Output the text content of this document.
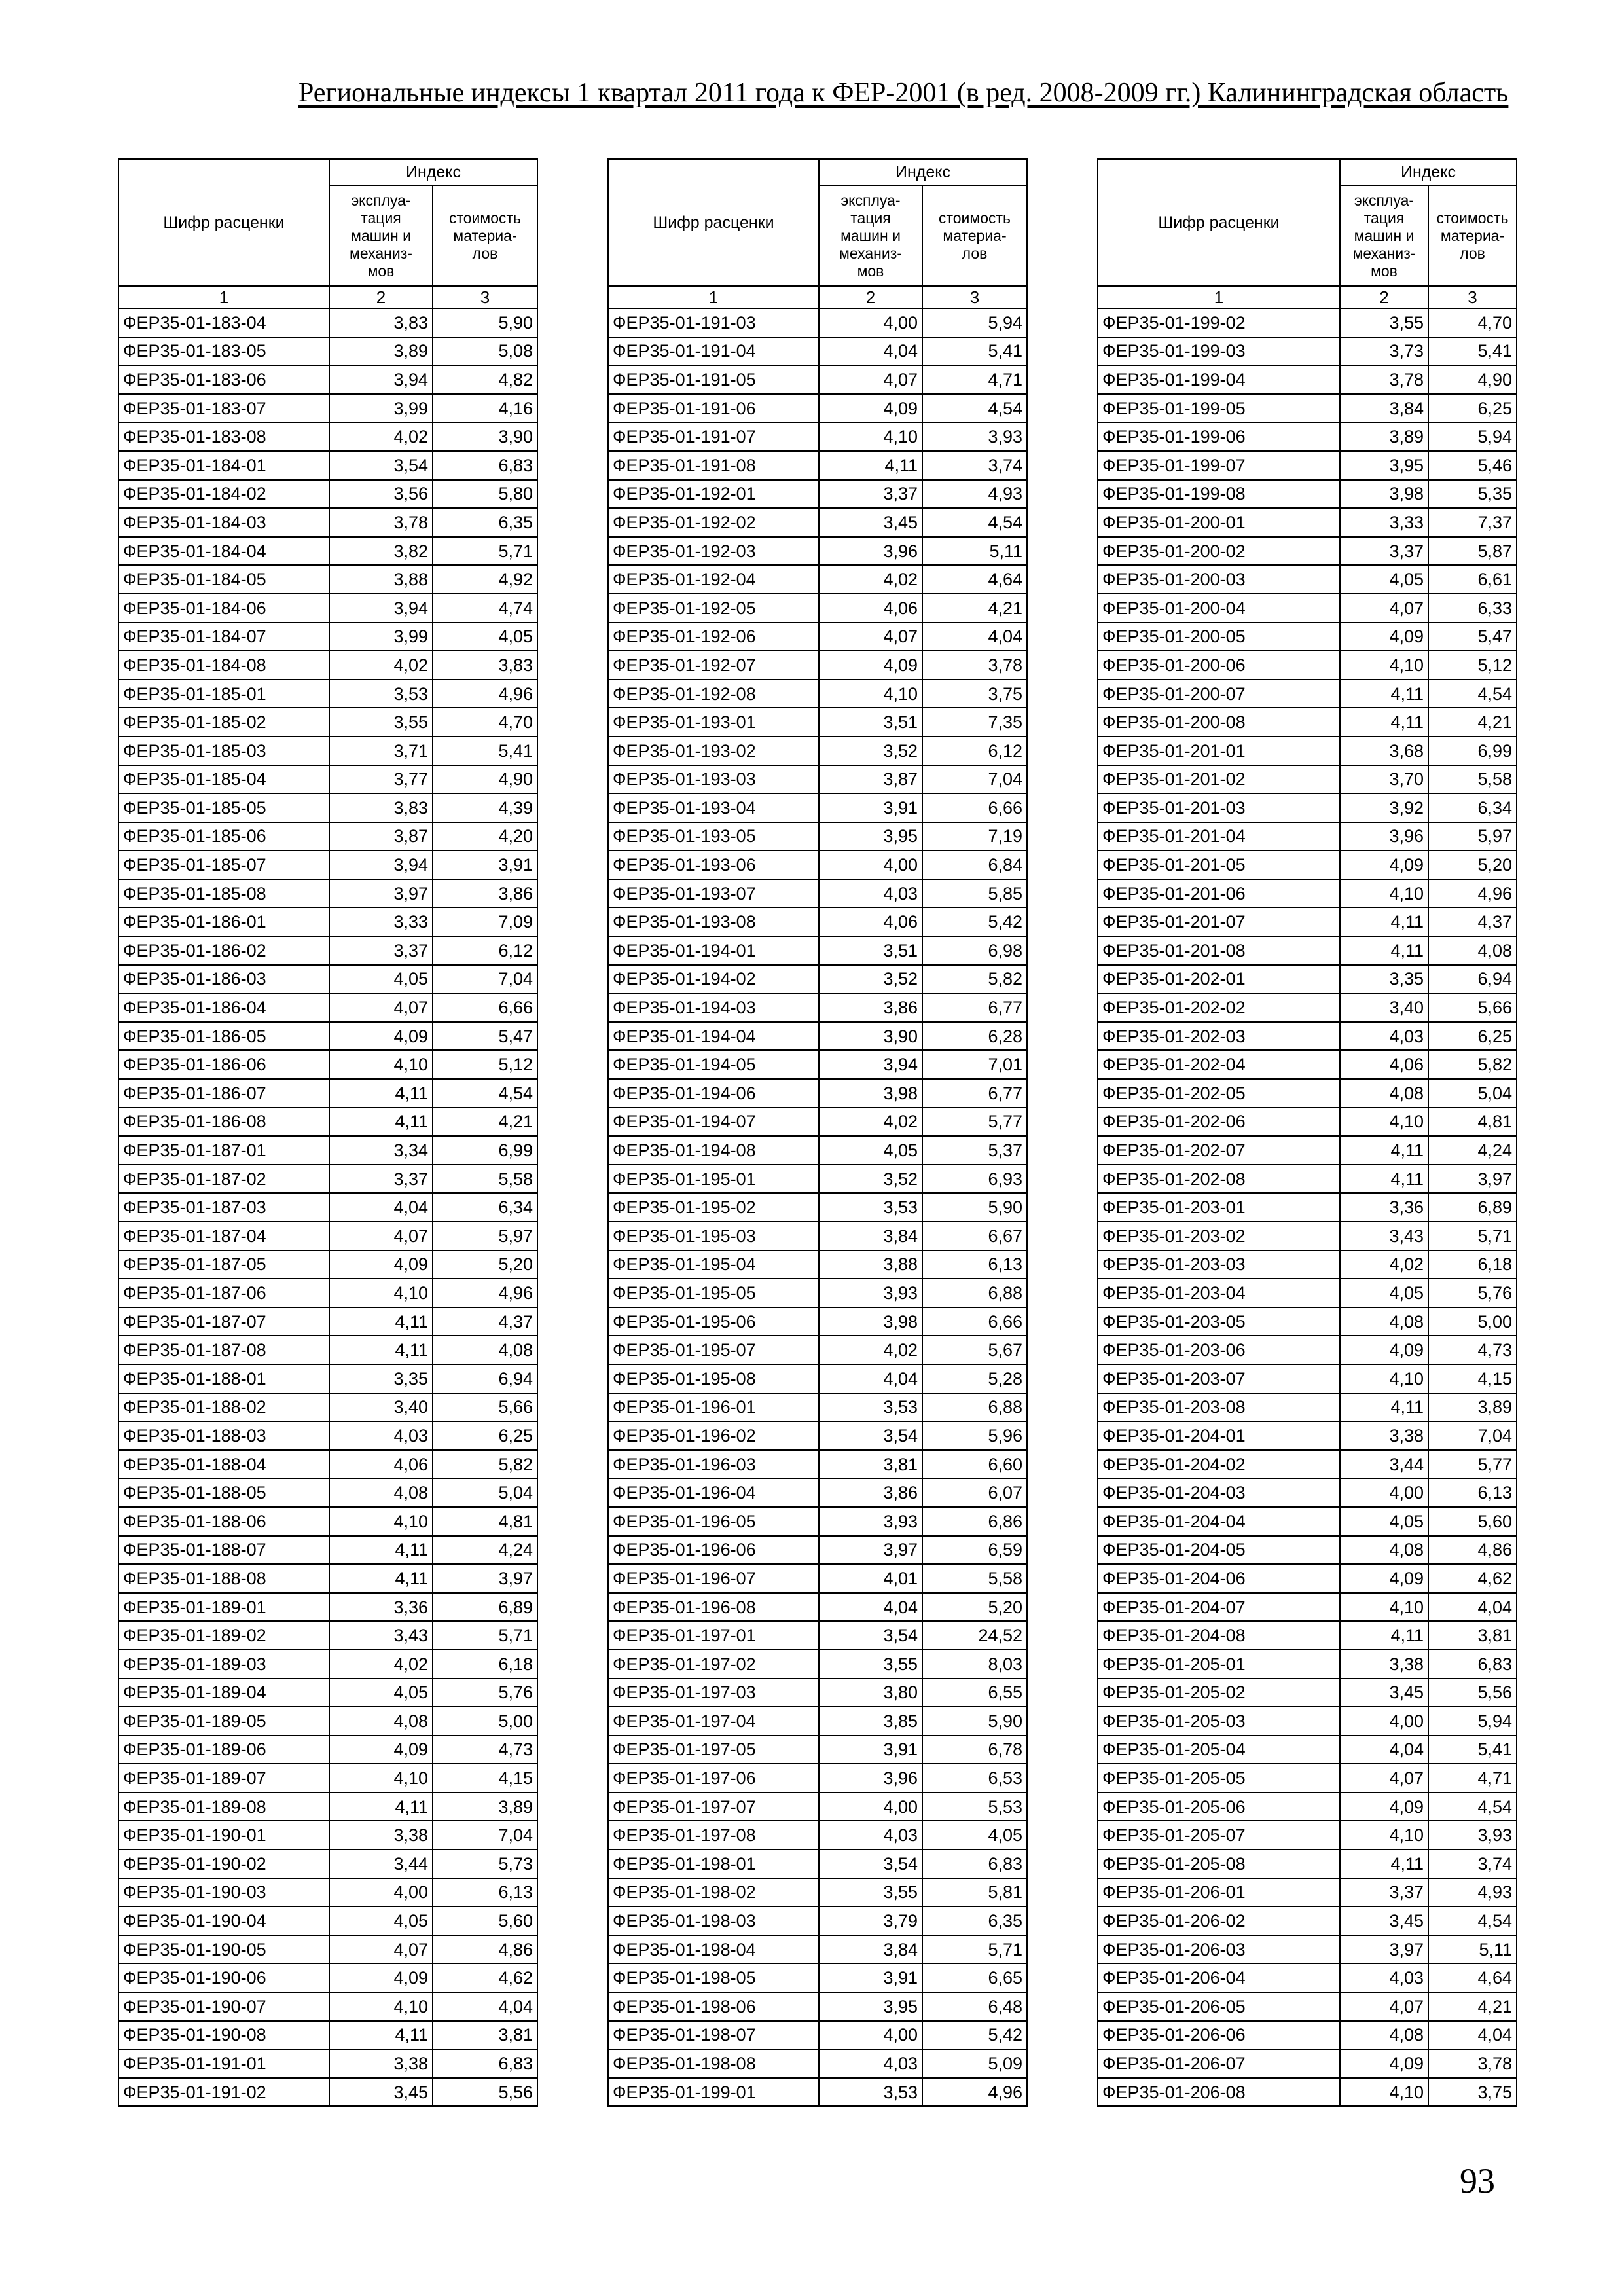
Региональные индексы 1 квартал 2011 года к ФЕР-2001 (в ред. 2008-2009 гг.) Калининградская область
Шифр расценки	Индекс	
	эксплуа-
тация
машин и
механиз-
мов	стоимость
материа-
лов
1	2	3
ФЕР35-01-183-04	3,83	5,90
ФЕР35-01-183-05	3,89	5,08
ФЕР35-01-183-06	3,94	4,82
ФЕР35-01-183-07	3,99	4,16
ФЕР35-01-183-08	4,02	3,90
ФЕР35-01-184-01	3,54	6,83
ФЕР35-01-184-02	3,56	5,80
ФЕР35-01-184-03	3,78	6,35
ФЕР35-01-184-04	3,82	5,71
ФЕР35-01-184-05	3,88	4,92
ФЕР35-01-184-06	3,94	4,74
ФЕР35-01-184-07	3,99	4,05
ФЕР35-01-184-08	4,02	3,83
ФЕР35-01-185-01	3,53	4,96
ФЕР35-01-185-02	3,55	4,70
ФЕР35-01-185-03	3,71	5,41
ФЕР35-01-185-04	3,77	4,90
ФЕР35-01-185-05	3,83	4,39
ФЕР35-01-185-06	3,87	4,20
ФЕР35-01-185-07	3,94	3,91
ФЕР35-01-185-08	3,97	3,86
ФЕР35-01-186-01	3,33	7,09
ФЕР35-01-186-02	3,37	6,12
ФЕР35-01-186-03	4,05	7,04
ФЕР35-01-186-04	4,07	6,66
ФЕР35-01-186-05	4,09	5,47
ФЕР35-01-186-06	4,10	5,12
ФЕР35-01-186-07	4,11	4,54
ФЕР35-01-186-08	4,11	4,21
ФЕР35-01-187-01	3,34	6,99
ФЕР35-01-187-02	3,37	5,58
ФЕР35-01-187-03	4,04	6,34
ФЕР35-01-187-04	4,07	5,97
ФЕР35-01-187-05	4,09	5,20
ФЕР35-01-187-06	4,10	4,96
ФЕР35-01-187-07	4,11	4,37
ФЕР35-01-187-08	4,11	4,08
ФЕР35-01-188-01	3,35	6,94
ФЕР35-01-188-02	3,40	5,66
ФЕР35-01-188-03	4,03	6,25
ФЕР35-01-188-04	4,06	5,82
ФЕР35-01-188-05	4,08	5,04
ФЕР35-01-188-06	4,10	4,81
ФЕР35-01-188-07	4,11	4,24
ФЕР35-01-188-08	4,11	3,97
ФЕР35-01-189-01	3,36	6,89
ФЕР35-01-189-02	3,43	5,71
ФЕР35-01-189-03	4,02	6,18
ФЕР35-01-189-04	4,05	5,76
ФЕР35-01-189-05	4,08	5,00
ФЕР35-01-189-06	4,09	4,73
ФЕР35-01-189-07	4,10	4,15
ФЕР35-01-189-08	4,11	3,89
ФЕР35-01-190-01	3,38	7,04
ФЕР35-01-190-02	3,44	5,73
ФЕР35-01-190-03	4,00	6,13
ФЕР35-01-190-04	4,05	5,60
ФЕР35-01-190-05	4,07	4,86
ФЕР35-01-190-06	4,09	4,62
ФЕР35-01-190-07	4,10	4,04
ФЕР35-01-190-08	4,11	3,81
ФЕР35-01-191-01	3,38	6,83
ФЕР35-01-191-02	3,45	5,56
Шифр расценки	Индекс	
	эксплуа-
тация
машин и
механиз-
мов	стоимость
материа-
лов
1	2	3
ФЕР35-01-191-03	4,00	5,94
ФЕР35-01-191-04	4,04	5,41
ФЕР35-01-191-05	4,07	4,71
ФЕР35-01-191-06	4,09	4,54
ФЕР35-01-191-07	4,10	3,93
ФЕР35-01-191-08	4,11	3,74
ФЕР35-01-192-01	3,37	4,93
ФЕР35-01-192-02	3,45	4,54
ФЕР35-01-192-03	3,96	5,11
ФЕР35-01-192-04	4,02	4,64
ФЕР35-01-192-05	4,06	4,21
ФЕР35-01-192-06	4,07	4,04
ФЕР35-01-192-07	4,09	3,78
ФЕР35-01-192-08	4,10	3,75
ФЕР35-01-193-01	3,51	7,35
ФЕР35-01-193-02	3,52	6,12
ФЕР35-01-193-03	3,87	7,04
ФЕР35-01-193-04	3,91	6,66
ФЕР35-01-193-05	3,95	7,19
ФЕР35-01-193-06	4,00	6,84
ФЕР35-01-193-07	4,03	5,85
ФЕР35-01-193-08	4,06	5,42
ФЕР35-01-194-01	3,51	6,98
ФЕР35-01-194-02	3,52	5,82
ФЕР35-01-194-03	3,86	6,77
ФЕР35-01-194-04	3,90	6,28
ФЕР35-01-194-05	3,94	7,01
ФЕР35-01-194-06	3,98	6,77
ФЕР35-01-194-07	4,02	5,77
ФЕР35-01-194-08	4,05	5,37
ФЕР35-01-195-01	3,52	6,93
ФЕР35-01-195-02	3,53	5,90
ФЕР35-01-195-03	3,84	6,67
ФЕР35-01-195-04	3,88	6,13
ФЕР35-01-195-05	3,93	6,88
ФЕР35-01-195-06	3,98	6,66
ФЕР35-01-195-07	4,02	5,67
ФЕР35-01-195-08	4,04	5,28
ФЕР35-01-196-01	3,53	6,88
ФЕР35-01-196-02	3,54	5,96
ФЕР35-01-196-03	3,81	6,60
ФЕР35-01-196-04	3,86	6,07
ФЕР35-01-196-05	3,93	6,86
ФЕР35-01-196-06	3,97	6,59
ФЕР35-01-196-07	4,01	5,58
ФЕР35-01-196-08	4,04	5,20
ФЕР35-01-197-01	3,54	24,52
ФЕР35-01-197-02	3,55	8,03
ФЕР35-01-197-03	3,80	6,55
ФЕР35-01-197-04	3,85	5,90
ФЕР35-01-197-05	3,91	6,78
ФЕР35-01-197-06	3,96	6,53
ФЕР35-01-197-07	4,00	5,53
ФЕР35-01-197-08	4,03	4,05
ФЕР35-01-198-01	3,54	6,83
ФЕР35-01-198-02	3,55	5,81
ФЕР35-01-198-03	3,79	6,35
ФЕР35-01-198-04	3,84	5,71
ФЕР35-01-198-05	3,91	6,65
ФЕР35-01-198-06	3,95	6,48
ФЕР35-01-198-07	4,00	5,42
ФЕР35-01-198-08	4,03	5,09
ФЕР35-01-199-01	3,53	4,96
Шифр расценки	Индекс	
	эксплуа-
тация
машин и
механиз-
мов	стоимость
материа-
лов
1	2	3
ФЕР35-01-199-02	3,55	4,70
ФЕР35-01-199-03	3,73	5,41
ФЕР35-01-199-04	3,78	4,90
ФЕР35-01-199-05	3,84	6,25
ФЕР35-01-199-06	3,89	5,94
ФЕР35-01-199-07	3,95	5,46
ФЕР35-01-199-08	3,98	5,35
ФЕР35-01-200-01	3,33	7,37
ФЕР35-01-200-02	3,37	5,87
ФЕР35-01-200-03	4,05	6,61
ФЕР35-01-200-04	4,07	6,33
ФЕР35-01-200-05	4,09	5,47
ФЕР35-01-200-06	4,10	5,12
ФЕР35-01-200-07	4,11	4,54
ФЕР35-01-200-08	4,11	4,21
ФЕР35-01-201-01	3,68	6,99
ФЕР35-01-201-02	3,70	5,58
ФЕР35-01-201-03	3,92	6,34
ФЕР35-01-201-04	3,96	5,97
ФЕР35-01-201-05	4,09	5,20
ФЕР35-01-201-06	4,10	4,96
ФЕР35-01-201-07	4,11	4,37
ФЕР35-01-201-08	4,11	4,08
ФЕР35-01-202-01	3,35	6,94
ФЕР35-01-202-02	3,40	5,66
ФЕР35-01-202-03	4,03	6,25
ФЕР35-01-202-04	4,06	5,82
ФЕР35-01-202-05	4,08	5,04
ФЕР35-01-202-06	4,10	4,81
ФЕР35-01-202-07	4,11	4,24
ФЕР35-01-202-08	4,11	3,97
ФЕР35-01-203-01	3,36	6,89
ФЕР35-01-203-02	3,43	5,71
ФЕР35-01-203-03	4,02	6,18
ФЕР35-01-203-04	4,05	5,76
ФЕР35-01-203-05	4,08	5,00
ФЕР35-01-203-06	4,09	4,73
ФЕР35-01-203-07	4,10	4,15
ФЕР35-01-203-08	4,11	3,89
ФЕР35-01-204-01	3,38	7,04
ФЕР35-01-204-02	3,44	5,77
ФЕР35-01-204-03	4,00	6,13
ФЕР35-01-204-04	4,05	5,60
ФЕР35-01-204-05	4,08	4,86
ФЕР35-01-204-06	4,09	4,62
ФЕР35-01-204-07	4,10	4,04
ФЕР35-01-204-08	4,11	3,81
ФЕР35-01-205-01	3,38	6,83
ФЕР35-01-205-02	3,45	5,56
ФЕР35-01-205-03	4,00	5,94
ФЕР35-01-205-04	4,04	5,41
ФЕР35-01-205-05	4,07	4,71
ФЕР35-01-205-06	4,09	4,54
ФЕР35-01-205-07	4,10	3,93
ФЕР35-01-205-08	4,11	3,74
ФЕР35-01-206-01	3,37	4,93
ФЕР35-01-206-02	3,45	4,54
ФЕР35-01-206-03	3,97	5,11
ФЕР35-01-206-04	4,03	4,64
ФЕР35-01-206-05	4,07	4,21
ФЕР35-01-206-06	4,08	4,04
ФЕР35-01-206-07	4,09	3,78
ФЕР35-01-206-08	4,10	3,75
93
